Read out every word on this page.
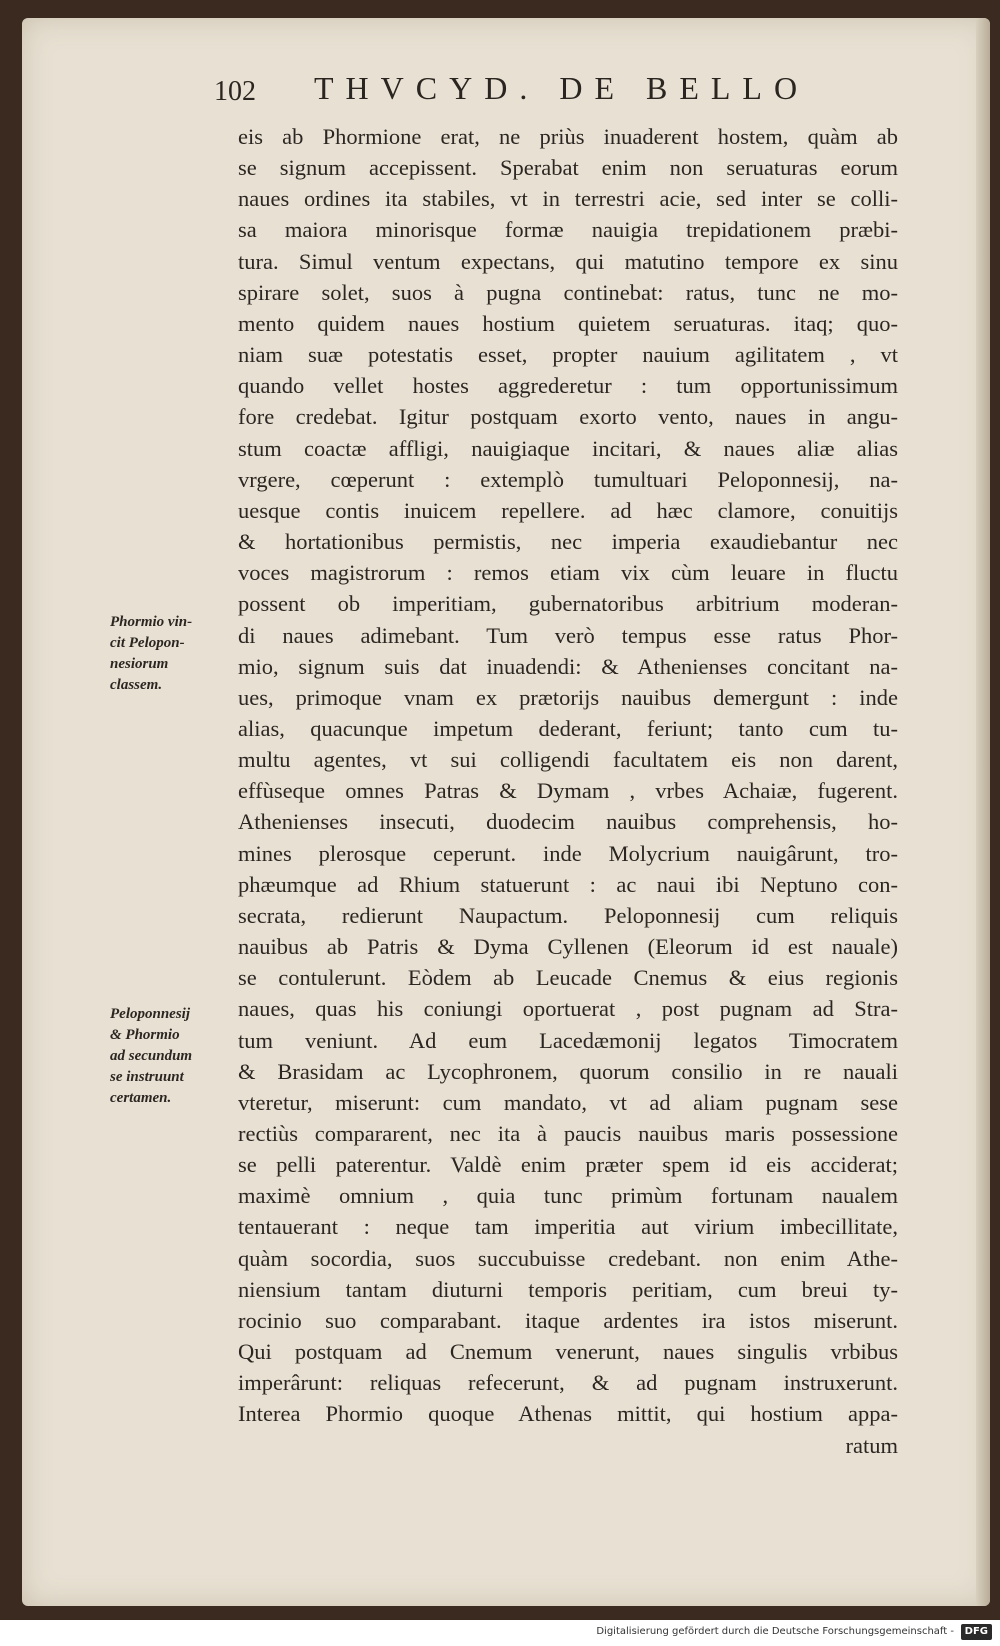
102 THVCYD. DE BELLO
eis ab Phormione erat, ne priùs inuaderent hostem, quàm ab
se signum accepissent. Sperabat enim non seruaturas eorum
naues ordines ita stabiles, vt in terrestri acie, sed inter se colli-
sa maiora minorisque formæ nauigia trepidationem præbi-
tura. Simul ventum expectans, qui matutino tempore ex sinu
spirare solet, suos à pugna continebat: ratus, tunc ne mo-
mento quidem naues hostium quietem seruaturas. itaq; quo-
niam suæ potestatis esset, propter nauium agilitatem , vt
quando vellet hostes aggrederetur : tum opportunissimum
fore credebat. Igitur postquam exorto vento, naues in angu-
stum coactæ affligi, nauigiaque incitari, & naues aliæ alias
vrgere, cœperunt : extemplò tumultuari Peloponnesij, na-
uesque contis inuicem repellere. ad hæc clamore, conuitijs
& hortationibus permistis, nec imperia exaudiebantur nec
voces magistrorum : remos etiam vix cùm leuare in fluctu
possent ob imperitiam, gubernatoribus arbitrium moderan-
di naues adimebant. Tum verò tempus esse ratus Phor-
mio, signum suis dat inuadendi: & Athenienses concitant na-
ues, primoque vnam ex prætorijs nauibus demergunt : inde
alias, quacunque impetum dederant, feriunt; tanto cum tu-
multu agentes, vt sui colligendi facultatem eis non darent,
effùseque omnes Patras & Dymam , vrbes Achaiæ, fugerent.
Athenienses insecuti, duodecim nauibus comprehensis, ho-
mines plerosque ceperunt. inde Molycrium nauigârunt, tro-
phæumque ad Rhium statuerunt : ac naui ibi Neptuno con-
secrata, redierunt Naupactum. Peloponnesij cum reliquis
nauibus ab Patris & Dyma Cyllenen (Eleorum id est nauale)
se contulerunt. Eòdem ab Leucade Cnemus & eius regionis
naues, quas his coniungi oportuerat , post pugnam ad Stra-
tum veniunt. Ad eum Lacedæmonij legatos Timocratem
& Brasidam ac Lycophronem, quorum consilio in re nauali
vteretur, miserunt: cum mandato, vt ad aliam pugnam sese
rectiùs compararent, nec ita à paucis nauibus maris possessione
se pelli paterentur. Valdè enim præter spem id eis acciderat;
maximè omnium , quia tunc primùm fortunam naualem
tentauerant : neque tam imperitia aut virium imbecillitate,
quàm socordia, suos succubuisse credebant. non enim Athe-
niensium tantam diuturni temporis peritiam, cum breui ty-
rocinio suo comparabant. itaque ardentes ira istos miserunt.
Qui postquam ad Cnemum venerunt, naues singulis vrbibus
imperârunt: reliquas refecerunt, & ad pugnam instruxerunt.
Interea Phormio quoque Athenas mittit, qui hostium appa-
ratum
Phormio vin-
cit Pelopon-
nesiorum
classem.
Peloponnesij
& Phormio
ad secundum
se instruunt
certamen.
Digitalisierung gefördert durch die Deutsche Forschungsgemeinschaft -	DFG
